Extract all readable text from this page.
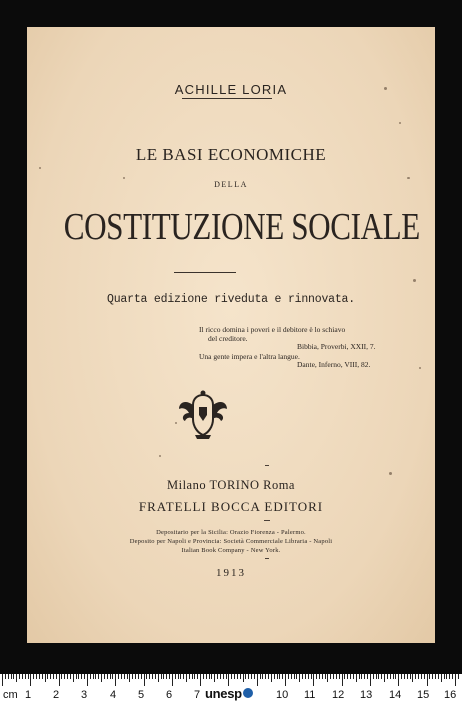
ACHILLE LORIA
LE BASI ECONOMICHE
DELLA
COSTITUZIONE SOCIALE
Quarta edizione riveduta e rinnovata.
Il ricco domina i poveri e il debitore è lo schiavo
del creditore.
Bibbia, Proverbi, XXII, 7.
Una gente impera e l'altra langue.
Dante, Inferno, VIII, 82.
Milano TORINO Roma
FRATELLI BOCCA EDITORI
Depositario per la Sicilia: Orazio Fiorenza - Palermo.
Deposito per Napoli e Provincia: Società Commerciale Libraria - Napoli
Italian Book Company - New York.
1913
cm 1 2 3 4 5 6 7 unesp	10 11 12 13 14 15 16
